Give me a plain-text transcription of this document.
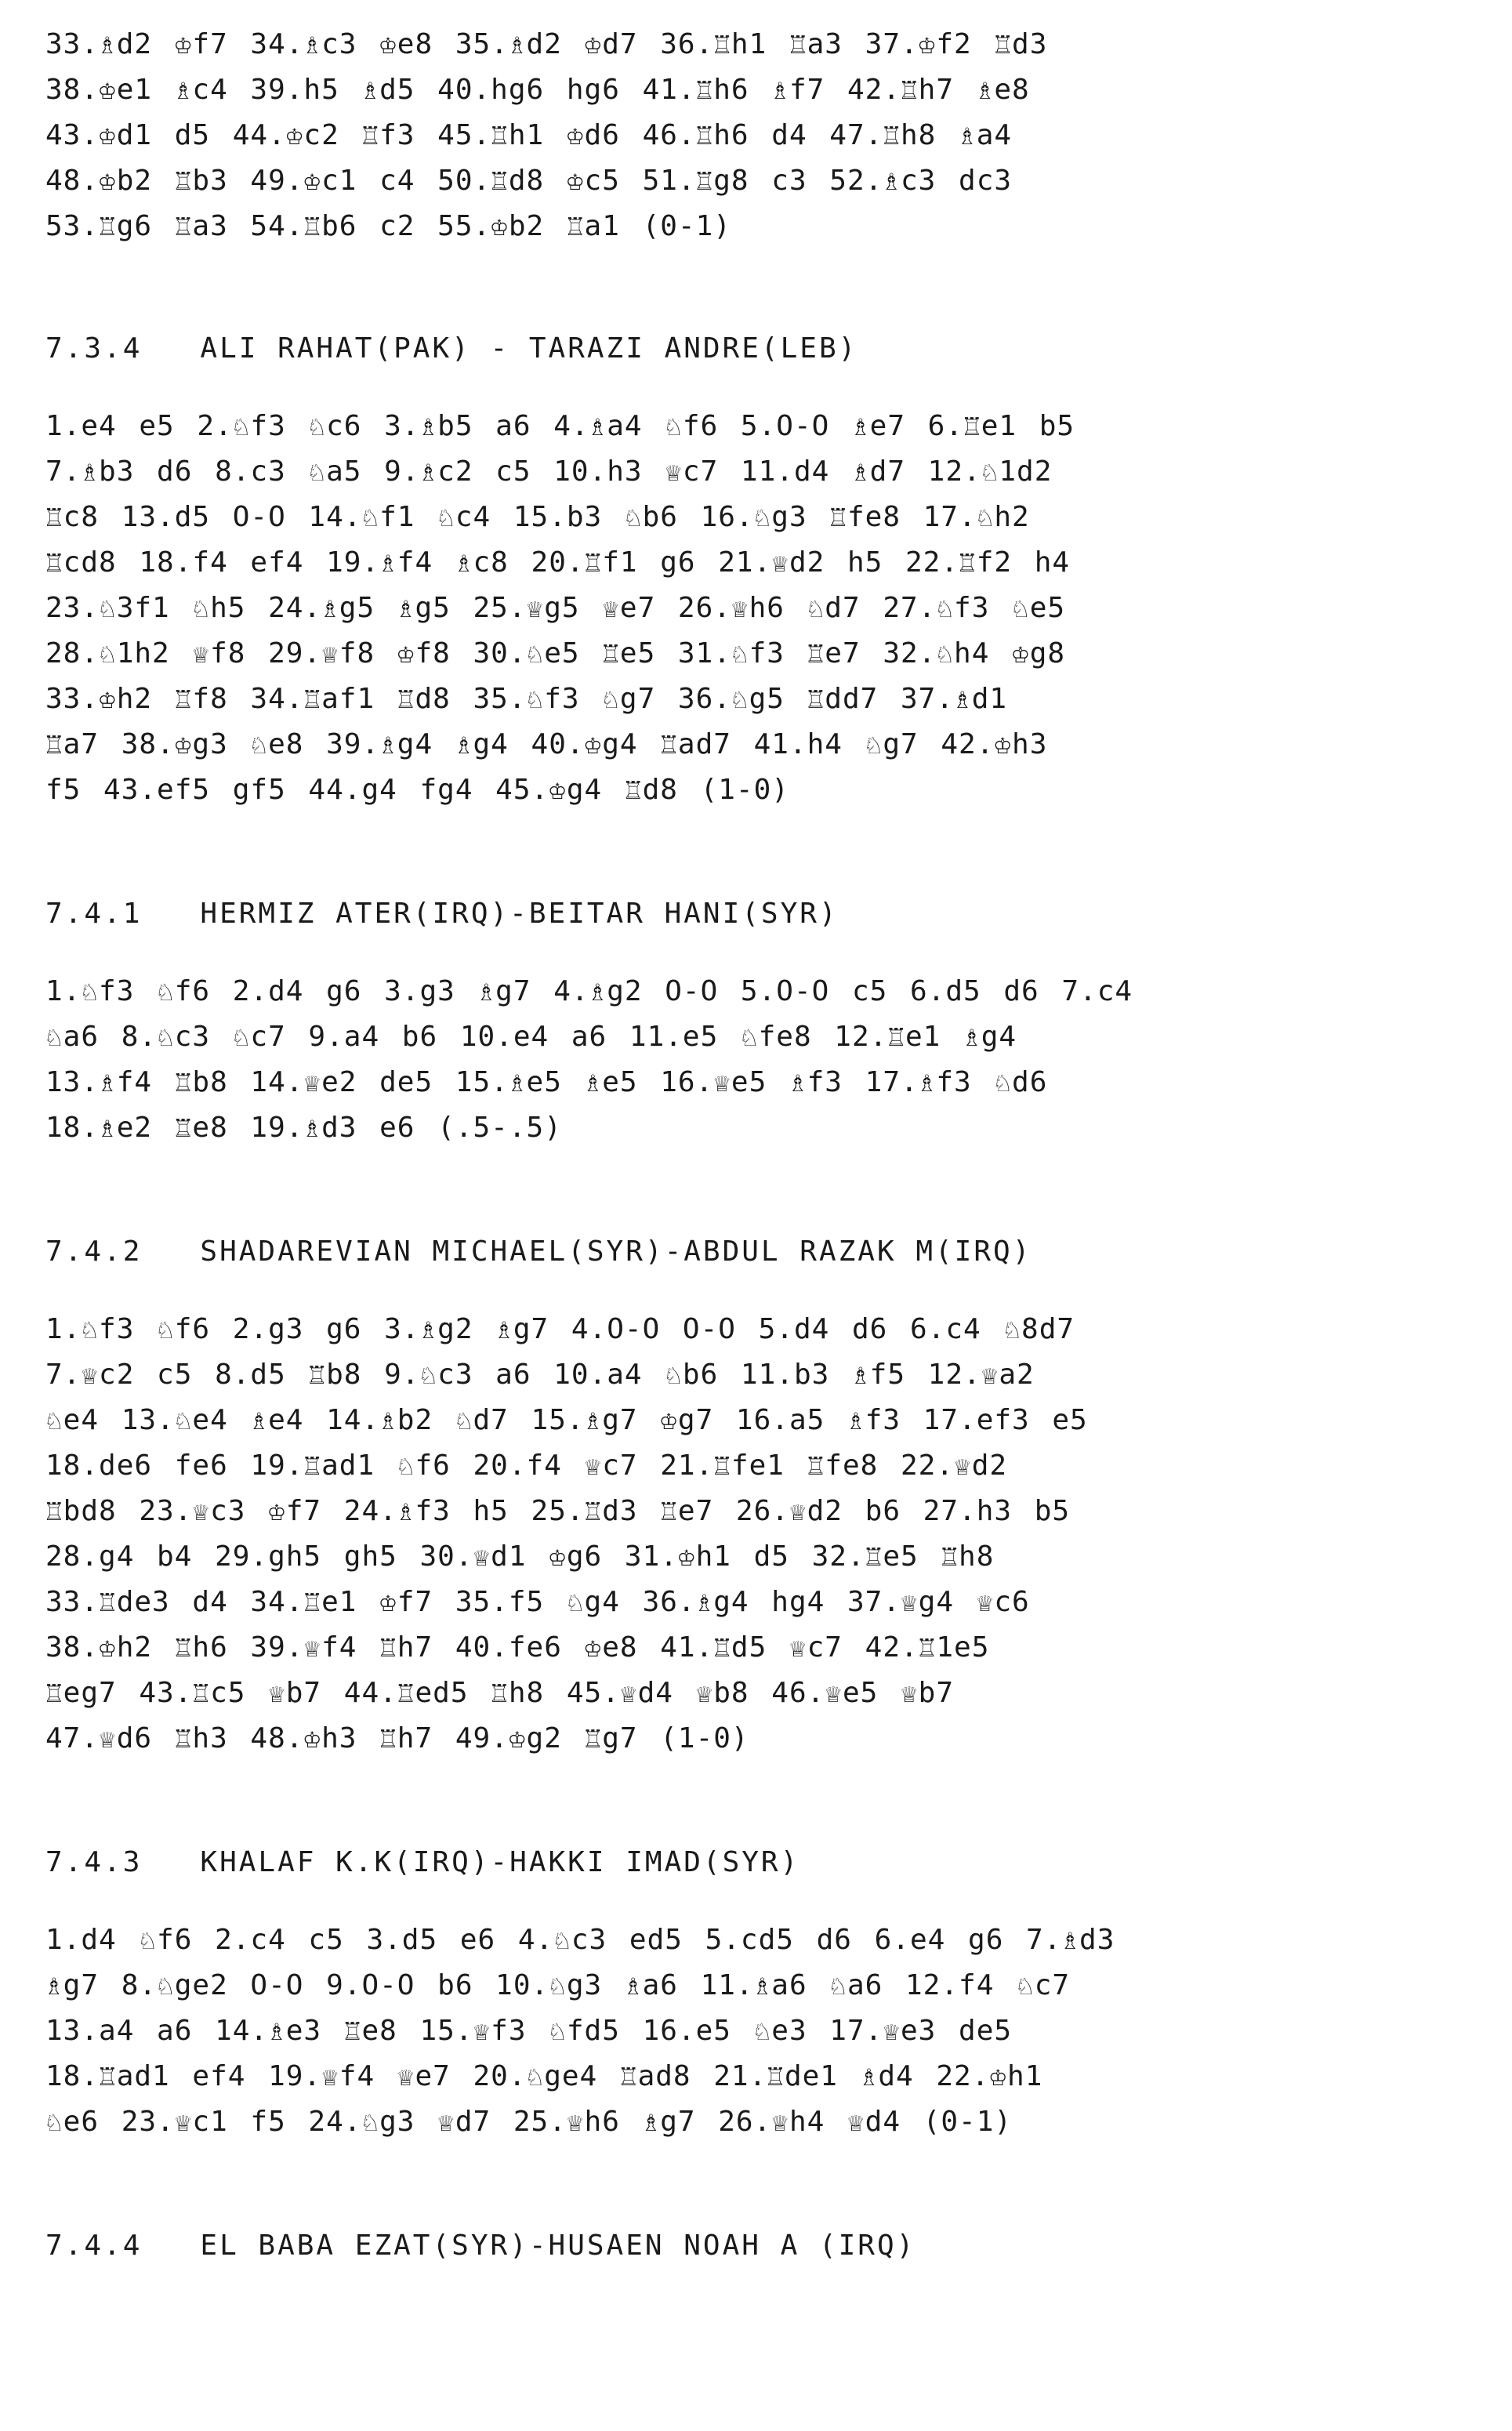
33.♗d2 ♔f7 34.♗c3 ♔e8 35.♗d2 ♔d7 36.♖h1 ♖a3 37.♔f2 ♖d3
38.♔e1 ♗c4 39.h5 ♗d5 40.hg6 hg6 41.♖h6 ♗f7 42.♖h7 ♗e8
43.♔d1 d5 44.♔c2 ♖f3 45.♖h1 ♔d6 46.♖h6 d4 47.♖h8 ♗a4
48.♔b2 ♖b3 49.♔c1 c4 50.♖d8 ♔c5 51.♖g8 c3 52.♗c3 dc3
53.♖g6 ♖a3 54.♖b6 c2 55.♔b2 ♖a1 (0-1)

7.3.4   ALI RAHAT(PAK) - TARAZI ANDRE(LEB)

1.e4 e5 2.♘f3 ♘c6 3.♗b5 a6 4.♗a4 ♘f6 5.O-O ♗e7 6.♖e1 b5
7.♗b3 d6 8.c3 ♘a5 9.♗c2 c5 10.h3 ♕c7 11.d4 ♗d7 12.♘1d2
♖c8 13.d5 O-O 14.♘f1 ♘c4 15.b3 ♘b6 16.♘g3 ♖fe8 17.♘h2
♖cd8 18.f4 ef4 19.♗f4 ♗c8 20.♖f1 g6 21.♕d2 h5 22.♖f2 h4
23.♘3f1 ♘h5 24.♗g5 ♗g5 25.♕g5 ♕e7 26.♕h6 ♘d7 27.♘f3 ♘e5
28.♘1h2 ♕f8 29.♕f8 ♔f8 30.♘e5 ♖e5 31.♘f3 ♖e7 32.♘h4 ♔g8
33.♔h2 ♖f8 34.♖af1 ♖d8 35.♘f3 ♘g7 36.♘g5 ♖dd7 37.♗d1
♖a7 38.♔g3 ♘e8 39.♗g4 ♗g4 40.♔g4 ♖ad7 41.h4 ♘g7 42.♔h3
f5 43.ef5 gf5 44.g4 fg4 45.♔g4 ♖d8 (1-0)

7.4.1   HERMIZ ATER(IRQ)-BEITAR HANI(SYR)

1.♘f3 ♘f6 2.d4 g6 3.g3 ♗g7 4.♗g2 O-O 5.O-O c5 6.d5 d6 7.c4
♘a6 8.♘c3 ♘c7 9.a4 b6 10.e4 a6 11.e5 ♘fe8 12.♖e1 ♗g4
13.♗f4 ♖b8 14.♕e2 de5 15.♗e5 ♗e5 16.♕e5 ♗f3 17.♗f3 ♘d6
18.♗e2 ♖e8 19.♗d3 e6 (.5-.5)

7.4.2   SHADAREVIAN MICHAEL(SYR)-ABDUL RAZAK M(IRQ)

1.♘f3 ♘f6 2.g3 g6 3.♗g2 ♗g7 4.O-O O-O 5.d4 d6 6.c4 ♘8d7
7.♕c2 c5 8.d5 ♖b8 9.♘c3 a6 10.a4 ♘b6 11.b3 ♗f5 12.♕a2
♘e4 13.♘e4 ♗e4 14.♗b2 ♘d7 15.♗g7 ♔g7 16.a5 ♗f3 17.ef3 e5
18.de6 fe6 19.♖ad1 ♘f6 20.f4 ♕c7 21.♖fe1 ♖fe8 22.♕d2
♖bd8 23.♕c3 ♔f7 24.♗f3 h5 25.♖d3 ♖e7 26.♕d2 b6 27.h3 b5
28.g4 b4 29.gh5 gh5 30.♕d1 ♔g6 31.♔h1 d5 32.♖e5 ♖h8
33.♖de3 d4 34.♖e1 ♔f7 35.f5 ♘g4 36.♗g4 hg4 37.♕g4 ♕c6
38.♔h2 ♖h6 39.♕f4 ♖h7 40.fe6 ♔e8 41.♖d5 ♕c7 42.♖1e5
♖eg7 43.♖c5 ♕b7 44.♖ed5 ♖h8 45.♕d4 ♕b8 46.♕e5 ♕b7
47.♕d6 ♖h3 48.♔h3 ♖h7 49.♔g2 ♖g7 (1-0)

7.4.3   KHALAF K.K(IRQ)-HAKKI IMAD(SYR)

1.d4 ♘f6 2.c4 c5 3.d5 e6 4.♘c3 ed5 5.cd5 d6 6.e4 g6 7.♗d3
♗g7 8.♘ge2 O-O 9.O-O b6 10.♘g3 ♗a6 11.♗a6 ♘a6 12.f4 ♘c7
13.a4 a6 14.♗e3 ♖e8 15.♕f3 ♘fd5 16.e5 ♘e3 17.♕e3 de5
18.♖ad1 ef4 19.♕f4 ♕e7 20.♘ge4 ♖ad8 21.♖de1 ♗d4 22.♔h1
♘e6 23.♕c1 f5 24.♘g3 ♕d7 25.♕h6 ♗g7 26.♕h4 ♕d4 (0-1)

7.4.4   EL BABA EZAT(SYR)-HUSAEN NOAH A (IRQ)
